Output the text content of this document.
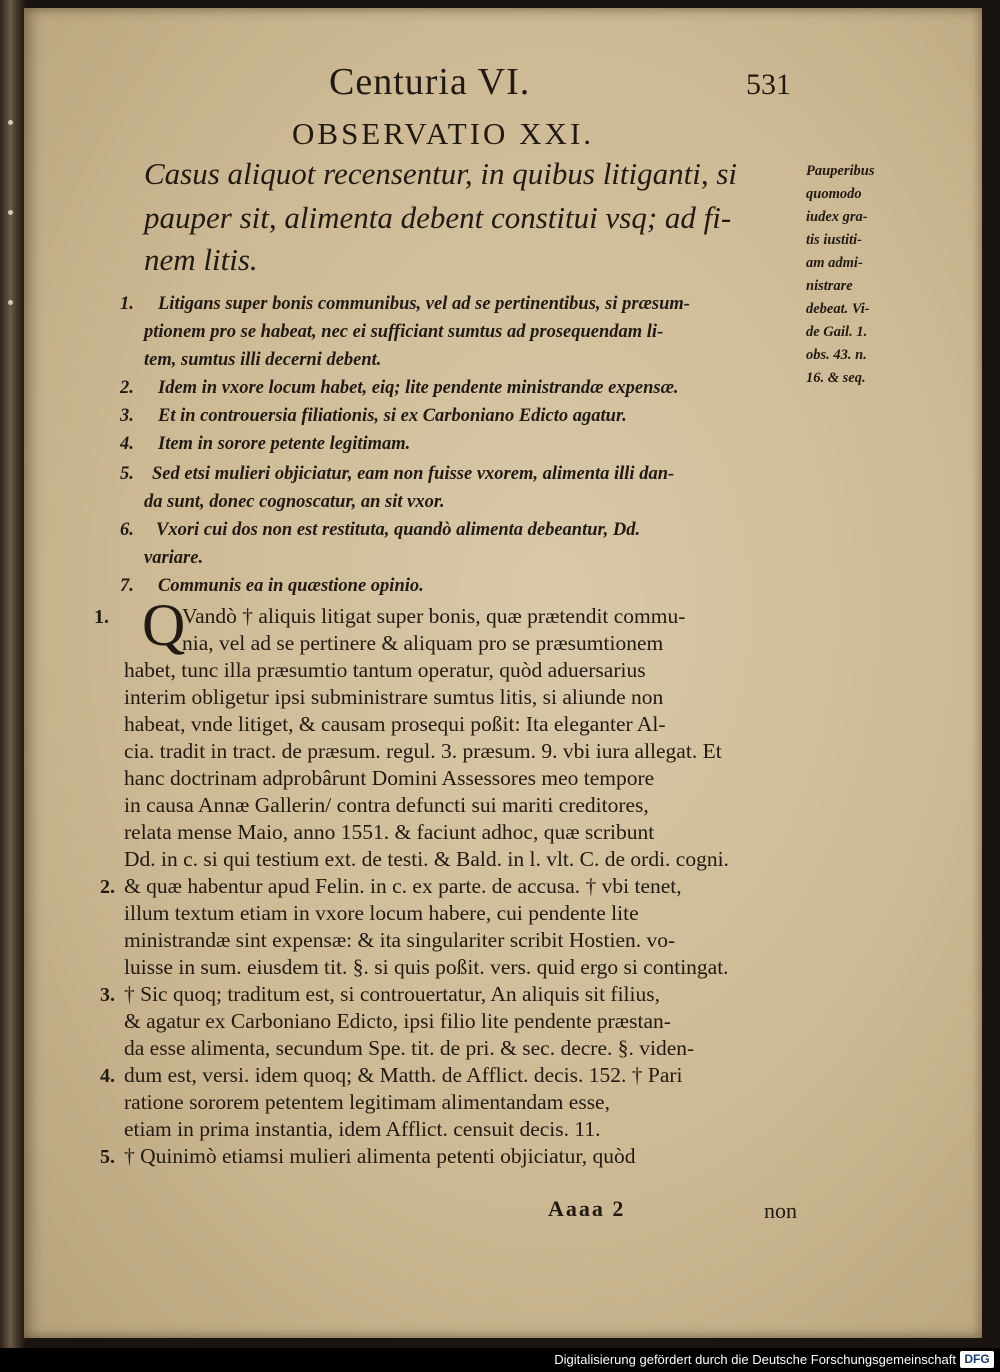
Centuria VI.	531
OBSERVATIO XXI.
Casus aliquot recensentur, in quibus litiganti, si
pauper sit, alimenta debent constitui vsq; ad fi-
nem litis.
1. Litigans super bonis communibus, vel ad se pertinentibus, si præsum-
ptionem pro se habeat, nec ei sufficiant sumtus ad prosequendam li-
tem, sumtus illi decerni debent.
2. Idem in vxore locum habet, eiq; lite pendente ministrandæ expensæ.
3. Et in controuersia filiationis, si ex Carboniano Edicto agatur.
4. Item in sorore petente legitimam.
5. Sed etsi mulieri objiciatur, eam non fuisse vxorem, alimenta illi dan-
da sunt, donec cognoscatur, an sit vxor.
6. Vxori cui dos non est restituta, quandò alimenta debeantur, Dd.
variare.
7. Communis ea in quæstione opinio.
Pauperibus
quomodo
iudex gra-
tis iustiti-
am admi-
nistrare
debeat. Vi-
de Gail. 1.
obs. 43. n.
16. & seq.
Q
1.	Vandò † aliquis litigat super bonis, quæ prætendit commu-
nia, vel ad se pertinere & aliquam pro se præsumtionem
habet, tunc illa præsumtio tantum operatur, quòd aduersarius
interim obligetur ipsi subministrare sumtus litis, si aliunde non
habeat, vnde litiget, & causam prosequi poßit: Ita eleganter Al-
cia. tradit in tract. de præsum. regul. 3. præsum. 9. vbi iura allegat. Et
hanc doctrinam adprobârunt Domini Assessores meo tempore
in causa Annæ Gallerin/ contra defuncti sui mariti creditores,
relata mense Maio, anno 1551. & faciunt adhoc, quæ scribunt
Dd. in c. si qui testium ext. de testi. & Bald. in l. vlt. C. de ordi. cogni.
2. & quæ habentur apud Felin. in c. ex parte. de accusa. † vbi tenet,
illum textum etiam in vxore locum habere, cui pendente lite
ministrandæ sint expensæ: & ita singulariter scribit Hostien. vo-
luisse in sum. eiusdem tit. §. si quis poßit. vers. quid ergo si contingat.
3. † Sic quoq; traditum est, si controuertatur, An aliquis sit filius,
& agatur ex Carboniano Edicto, ipsi filio lite pendente præstan-
da esse alimenta, secundum Spe. tit. de pri. & sec. decre. §. viden-
4. dum est, versi. idem quoq; & Matth. de Afflict. decis. 152. † Pari
ratione sororem petentem legitimam alimentandam esse,
etiam in prima instantia, idem Afflict. censuit decis. 11.
5. † Quinimò etiamsi mulieri alimenta petenti objiciatur, quòd
Aaaa 2	non
Digitalisierung gefördert durch die Deutsche Forschungsgemeinschaft DFG
